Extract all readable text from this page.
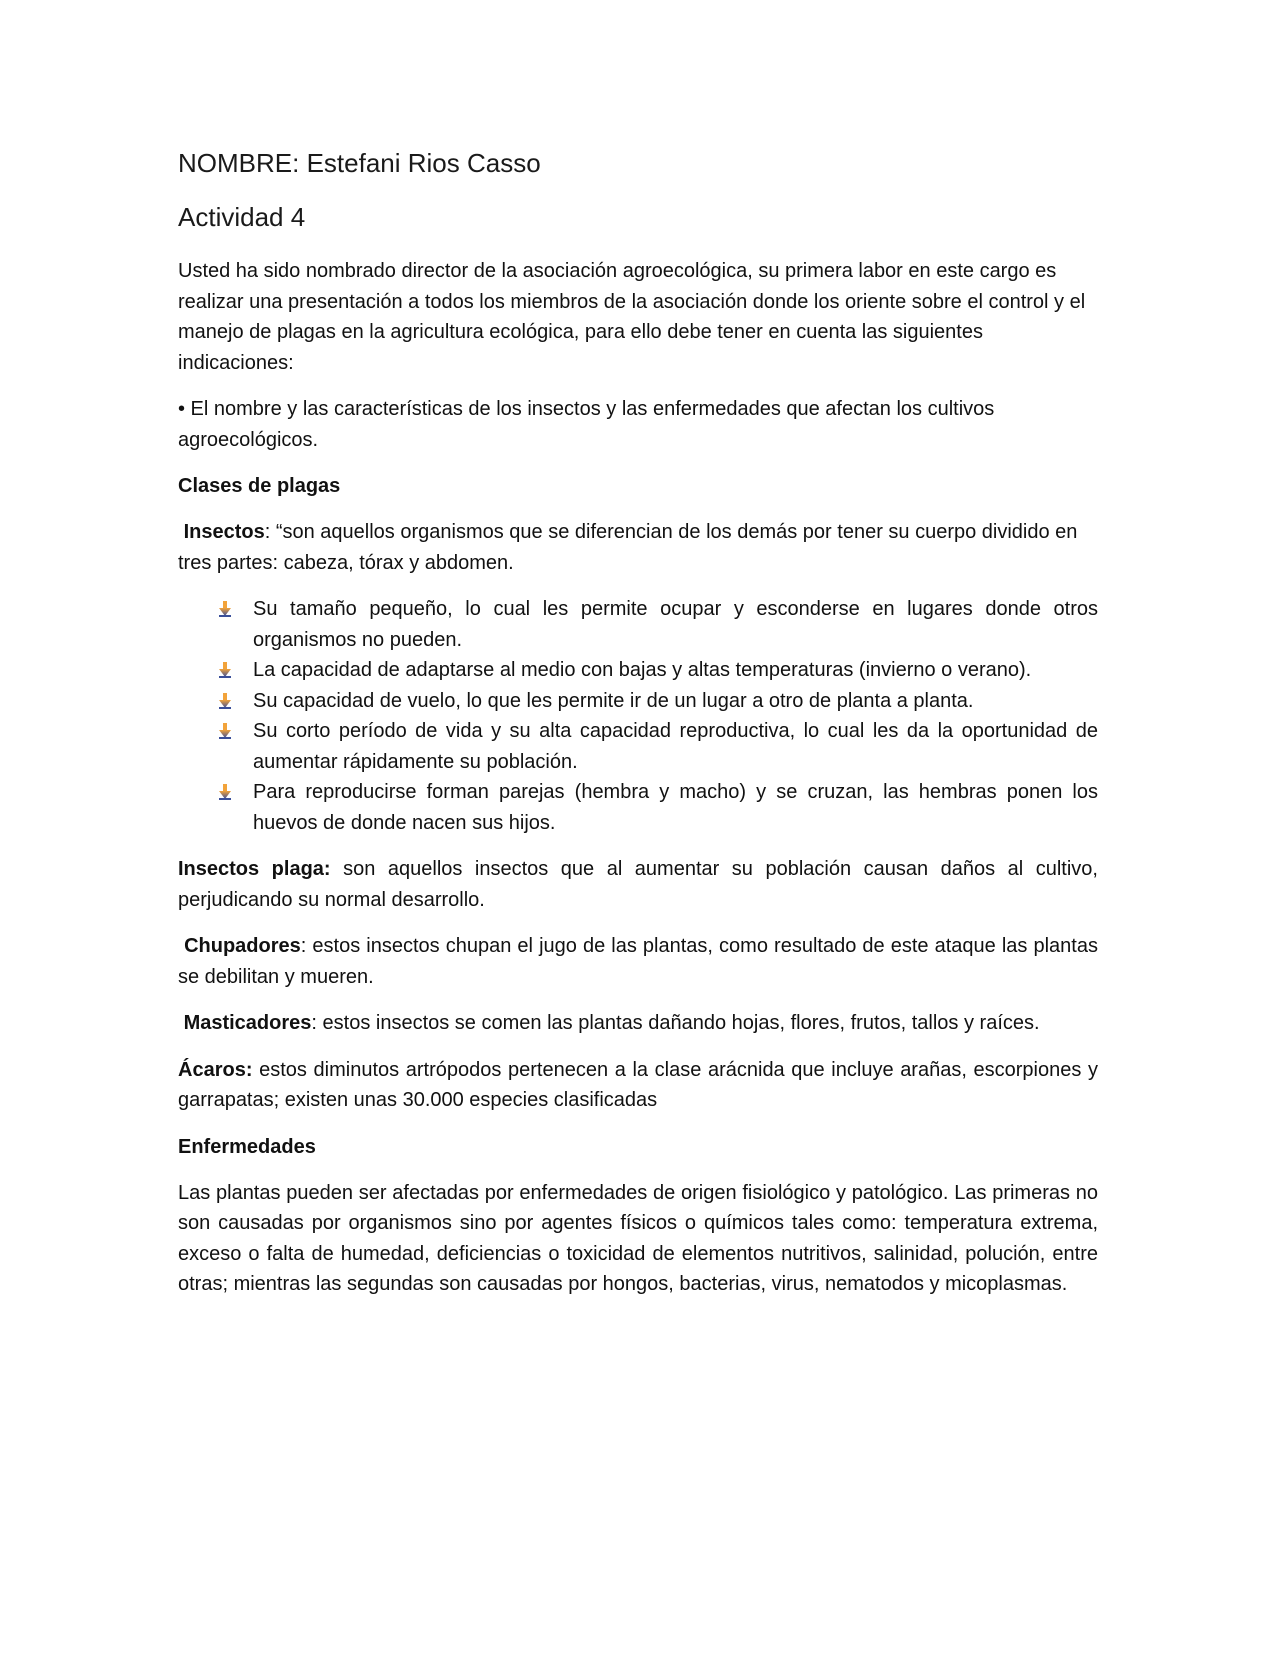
NOMBRE: Estefani Rios Casso
Actividad 4

Usted ha sido nombrado director de la asociación agroecológica, su primera labor en este cargo es realizar una presentación a todos los miembros de la asociación donde los oriente sobre el control y el manejo de plagas en la agricultura ecológica, para ello debe tener en cuenta las siguientes indicaciones:

• El nombre y las características de los insectos y las enfermedades que afectan los cultivos agroecológicos.

Clases de plagas

Insectos: “son aquellos organismos que se diferencian de los demás por tener su cuerpo dividido en tres partes: cabeza, tórax y abdomen.

Su tamaño pequeño, lo cual les permite ocupar y esconderse en lugares donde otros organismos no pueden.
La capacidad de adaptarse al medio con bajas y altas temperaturas (invierno o verano).
Su capacidad de vuelo, lo que les permite ir de un lugar a otro de planta a planta.
Su corto período de vida y su alta capacidad reproductiva, lo cual les da la oportunidad de aumentar rápidamente su población.
Para reproducirse forman parejas (hembra y macho) y se cruzan, las hembras ponen los huevos de donde nacen sus hijos.

Insectos plaga: son aquellos insectos que al aumentar su población causan daños al cultivo, perjudicando su normal desarrollo.

Chupadores: estos insectos chupan el jugo de las plantas, como resultado de este ataque las plantas se debilitan y mueren.

Masticadores: estos insectos se comen las plantas dañando hojas, flores, frutos, tallos y raíces.

Ácaros: estos diminutos artrópodos pertenecen a la clase arácnida que incluye arañas, escorpiones y garrapatas; existen unas 30.000 especies clasificadas

Enfermedades

Las plantas pueden ser afectadas por enfermedades de origen fisiológico y patológico. Las primeras no son causadas por organismos sino por agentes físicos o químicos tales como: temperatura extrema, exceso o falta de humedad, deficiencias o toxicidad de elementos nutritivos, salinidad, polución, entre otras; mientras las segundas son causadas por hongos, bacterias, virus, nematodos y micoplasmas.
